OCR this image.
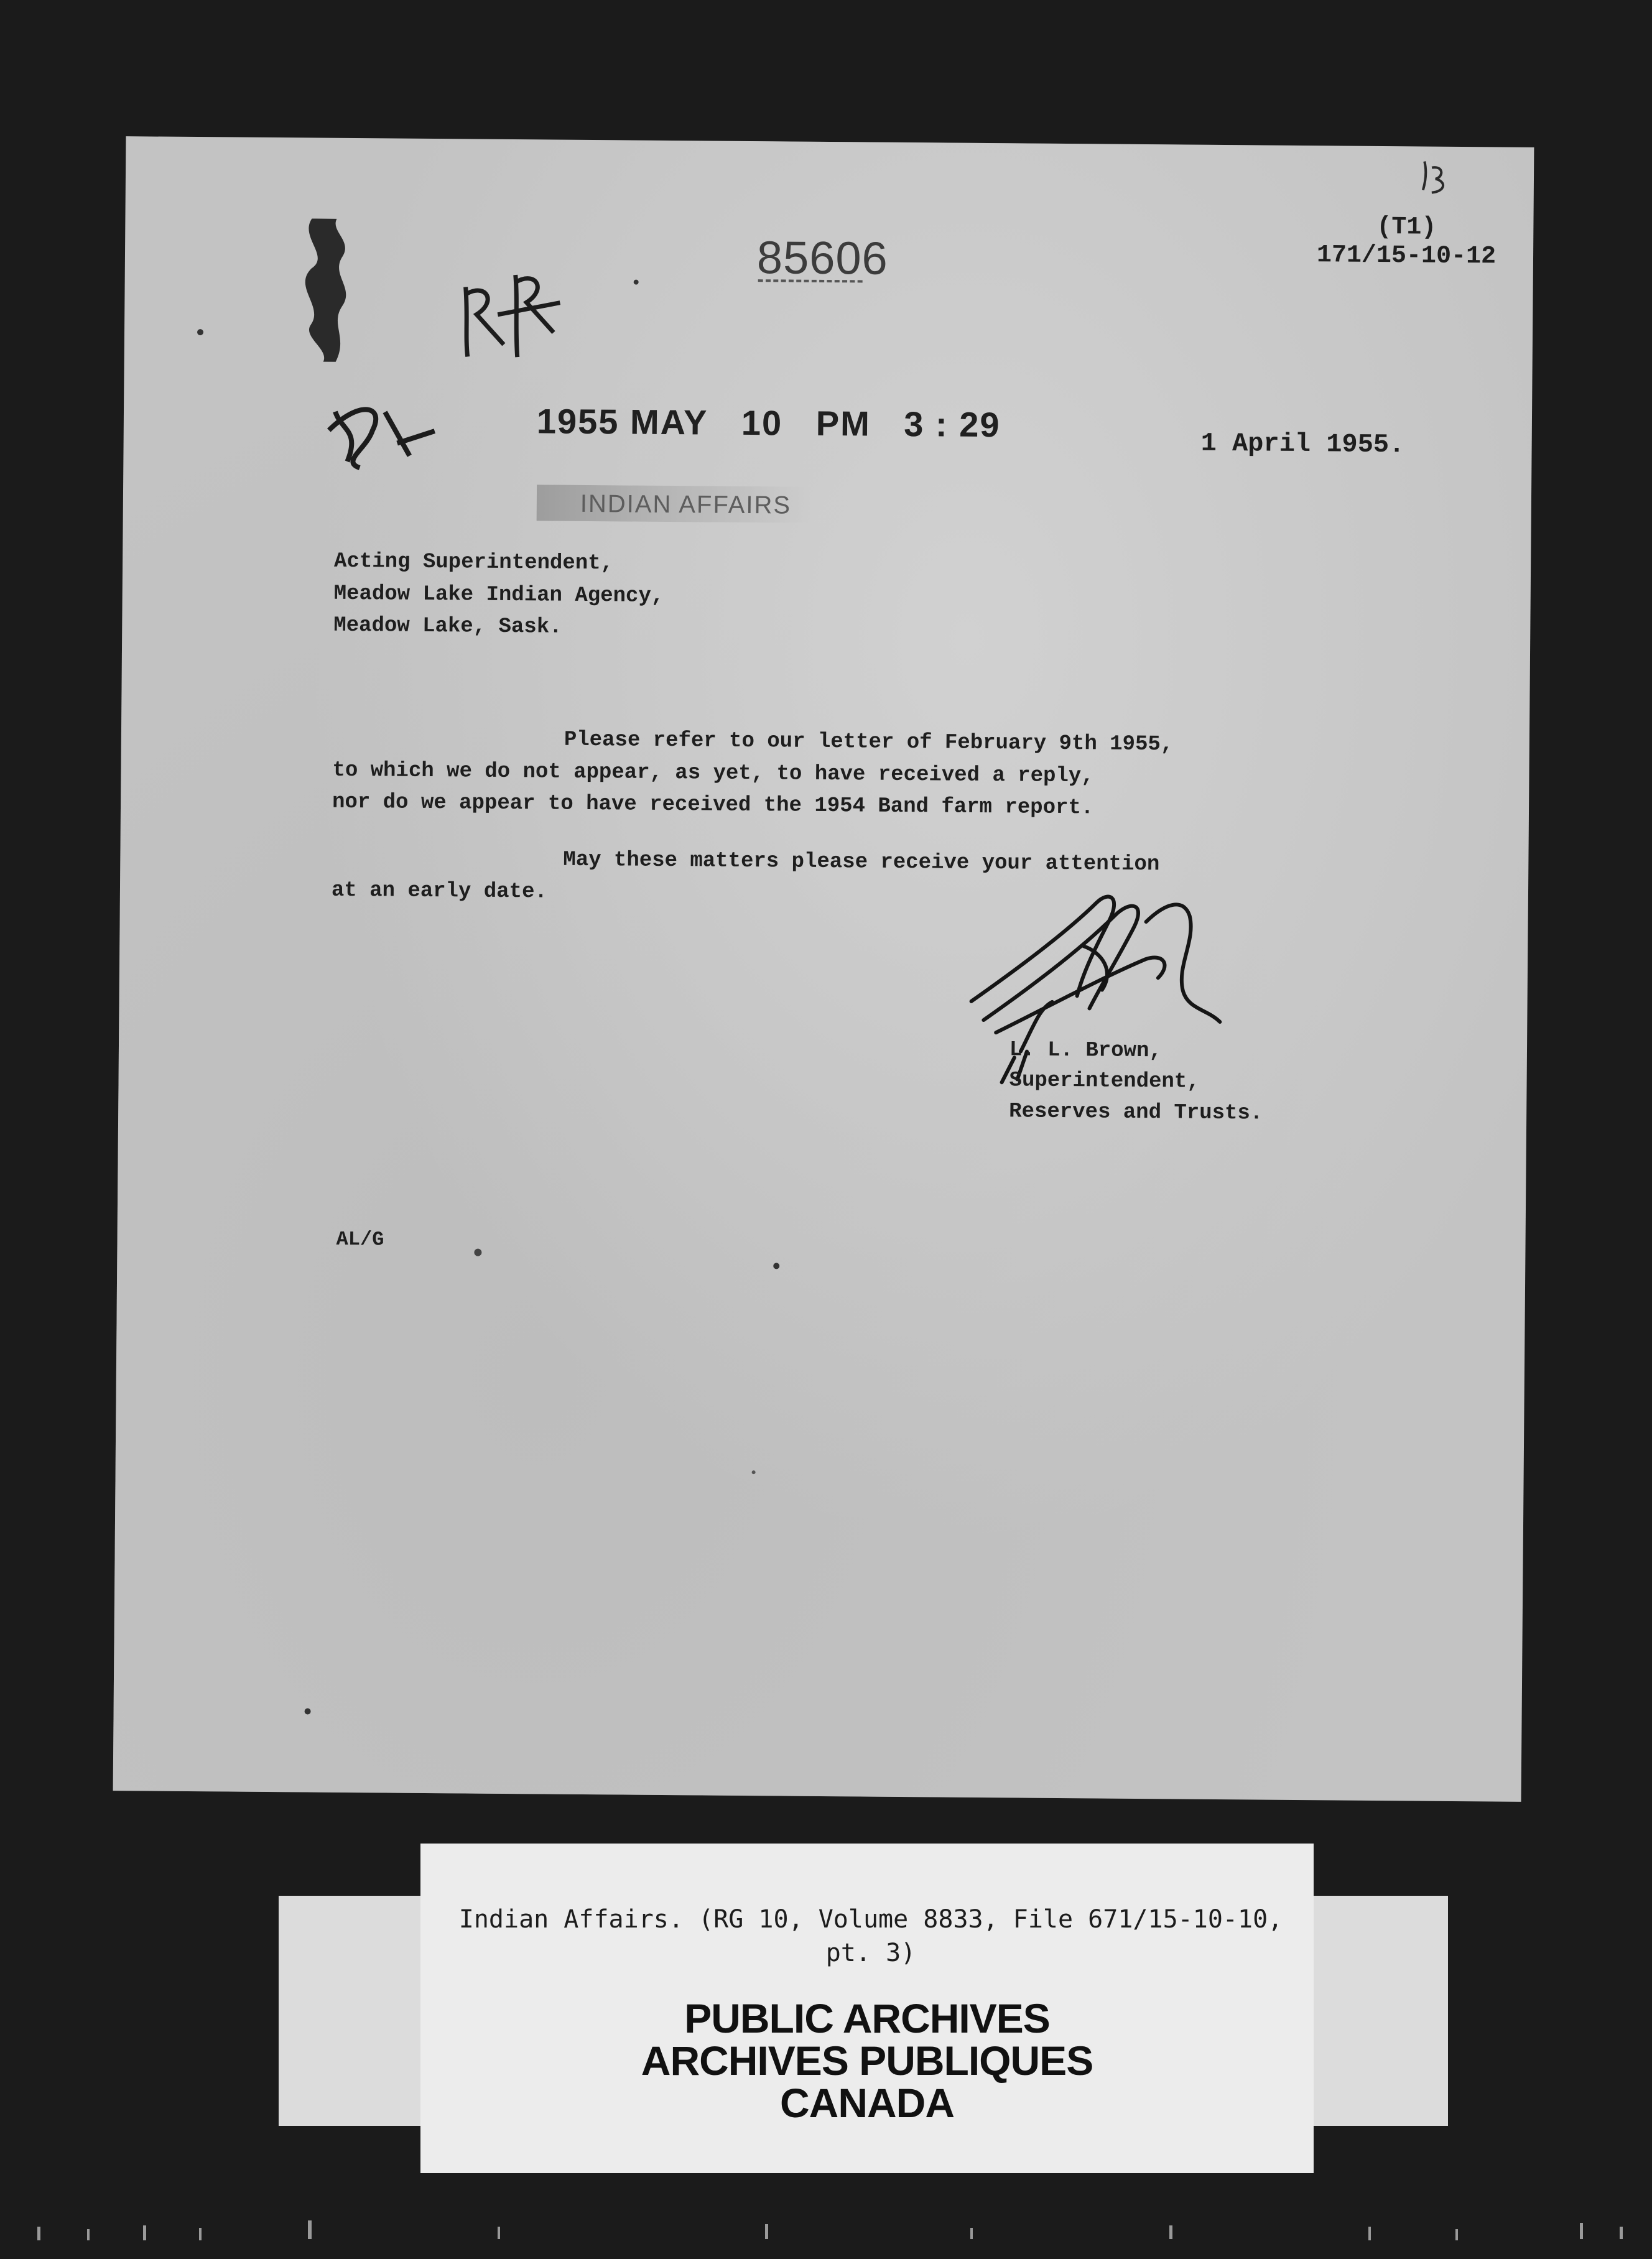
85606
(T1)
171/15-10-12
1955 MAY 10 PM 3 : 29	1 April 1955.
INDIAN AFFAIRS
Acting Superintendent,
Meadow Lake Indian Agency,
Meadow Lake, Sask.
Please refer to our letter of February 9th 1955,
to which we do not appear, as yet, to have received a reply,
nor do we appear to have received the 1954 Band farm report.
May these matters please receive your attention
at an early date.
L. L. Brown,
Superintendent,
Reserves and Trusts.
AL/G
Indian Affairs. (RG 10, Volume 8833, File 671/15-10-10,
pt. 3)
PUBLIC ARCHIVES
ARCHIVES PUBLIQUES
CANADA
